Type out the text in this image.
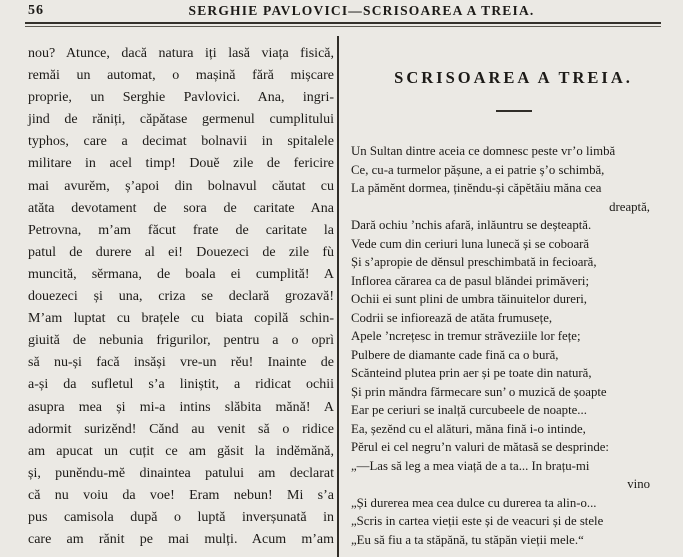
56	SERGHIE PAVLOVICI—SCRISOAREA A TREIA.
nou? Atunce, dacă natura iți lasă viața fisică,
remăi un automat, o mașină fără mișcare
proprie, un Serghie Pavlovici. Ana, ingri-
jind de răniți, căpătase germenul cumplitului
typhos, care a decimat bolnavii in spitalele
militare in acel timp! Douĕ zile de fericire
mai avurĕm, ș’apoi din bolnavul căutat cu
atăta devotament de sora de caritate Ana
Petrovna, m’am făcut frate de caritate la
patul de durere al ei! Douezeci de zile fù
muncită, sĕrmana, de boala ei cumplită! A
douezeci și una, criza se declară grozavă!
M’am luptat cu brațele cu biata copilă schin-
giuită de nebunia frigurilor, pentru a o oprì
să nu-și facă insăși vre-un rĕu! Inainte de
a-și da sufletul s’a liniștit, a ridicat ochii
asupra mea și mi-a intins slăbita mănă! A
adormit surizĕnd! Cănd au venit să o ridice
am apucat un cuțit ce am găsit la indĕmănă,
și, punĕndu-mĕ dinaintea patului am declarat
că nu voiu da voe! Eram nebun! Mi s’a
pus camisola după o luptă inverșunată in
care am rănit pe mai mulți. Acum m’am
SCRISOAREA A TREIA.
Un Sultan dintre aceia ce domnesc peste vr’o limbă
Ce, cu-a turmelor pășune, a ei patrie ș’o schimbă,
La pămĕnt dormea, ținĕndu-și căpĕtăiu măna cea
dreaptă,
Dară ochiu ’nchis afară, inlăuntru se deșteaptă.
Vede cum din ceriuri luna lunecă și se coboară
Și s’apropie de dĕnsul preschimbată in fecioară,
Inflorea cărarea ca de pasul blăndei primăveri;
Ochii ei sunt plini de umbra tăinuitelor dureri,
Codrii se infiorează de atăta frumusețe,
Apele ’ncrețesc in tremur străveziile lor fețe;
Pulbere de diamante cade fină ca o bură,
Scănteind plutea prin aer și pe toate din natură,
Și prin măndra fărmecare sun’ o muzică de șoapte
Ear pe ceriuri se inalță curcubeele de noapte...
Ea, șezĕnd cu el alături, măna fină i-o intinde,
Pĕrul ei cel negru’n valuri de mătasă se desprinde:
„—Las să leg a mea viață de a ta... In brațu-mi
vino
„Și durerea mea cea dulce cu durerea ta alin-o...
„Scris in cartea vieții este și de veacuri și de stele
„Eu să fiu a ta stăpănă, tu stăpăn vieții mele.“
